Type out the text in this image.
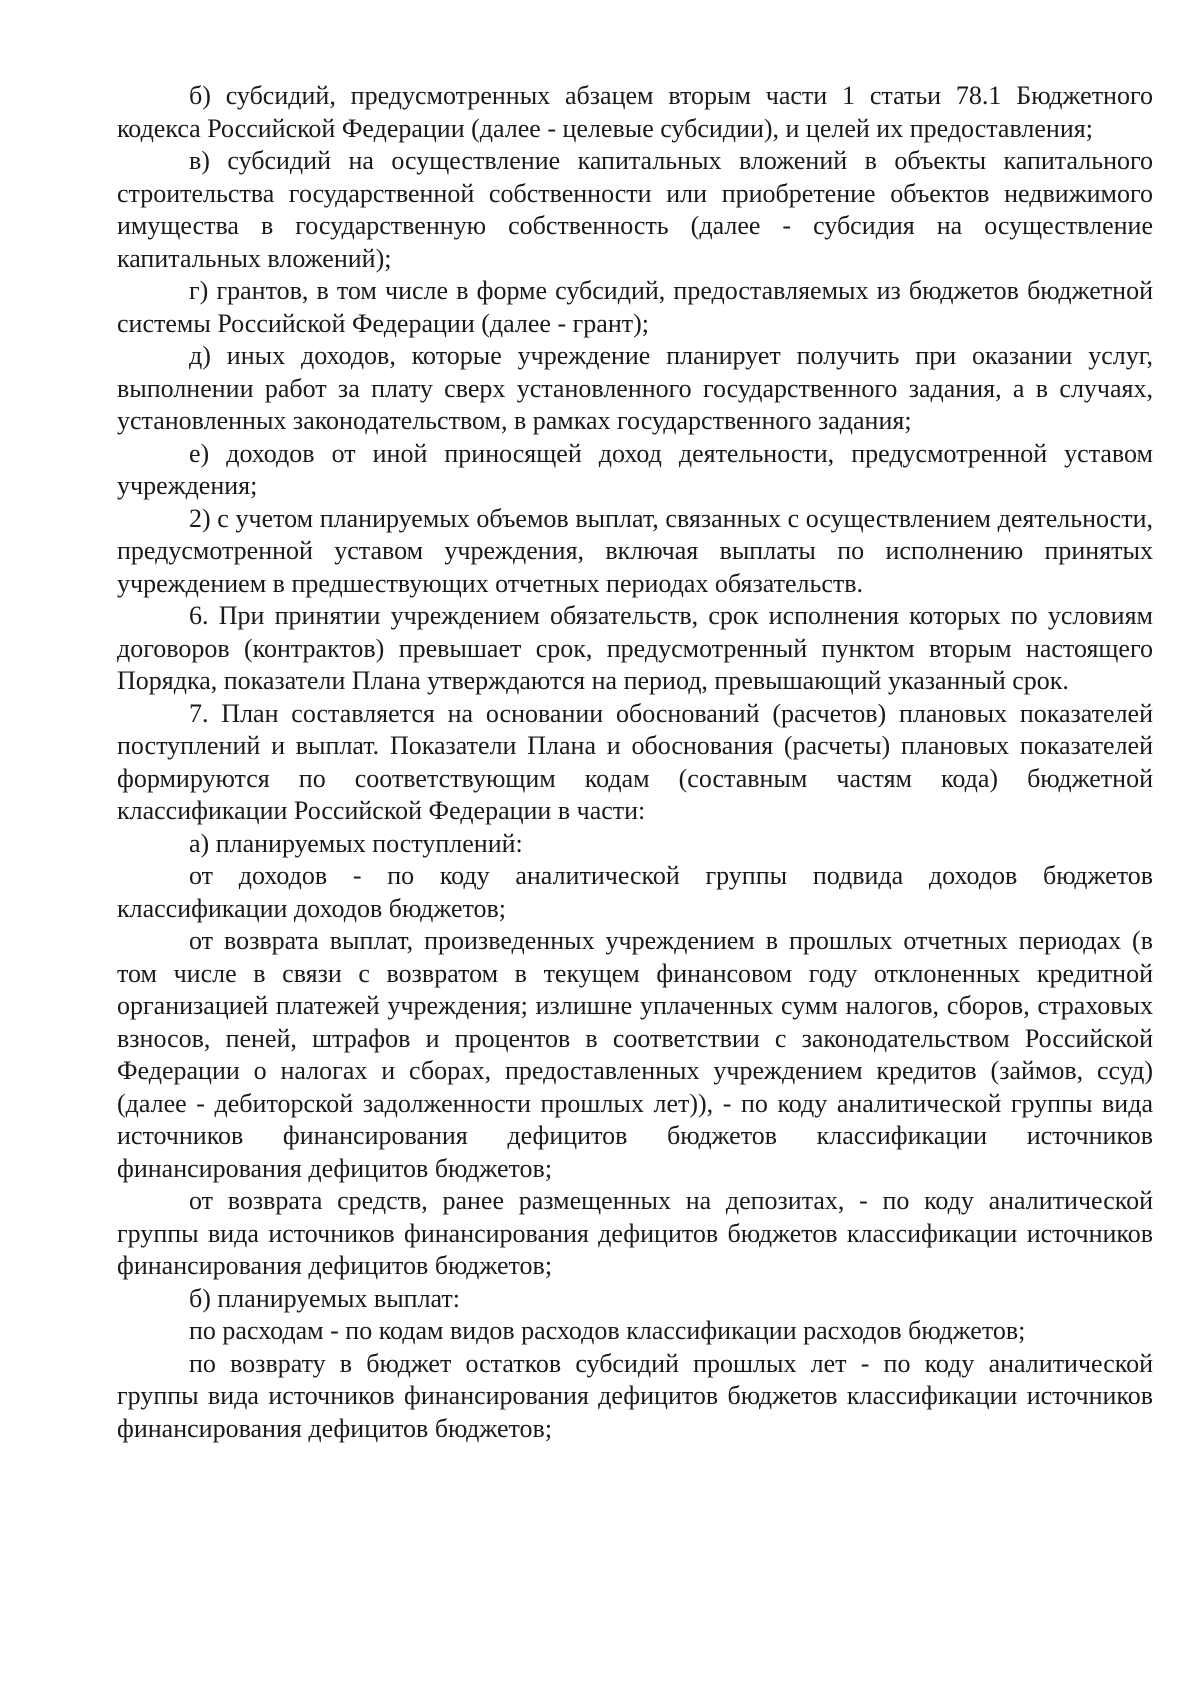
б) субсидий, предусмотренных абзацем вторым части 1 статьи 78.1 Бюджетного кодекса Российской Федерации (далее - целевые субсидии), и целей их предоставления;

в) субсидий на осуществление капитальных вложений в объекты капитального строительства государственной собственности или приобретение объектов недвижимого имущества в государственную собственность (далее - субсидия на осуществление капитальных вложений);

г) грантов, в том числе в форме субсидий, предоставляемых из бюджетов бюджетной системы Российской Федерации (далее - грант);

д) иных доходов, которые учреждение планирует получить при оказании услуг, выполнении работ за плату сверх установленного государственного задания, а в случаях, установленных законодательством, в рамках государственного задания;

е) доходов от иной приносящей доход деятельности, предусмотренной уставом учреждения;

2) с учетом планируемых объемов выплат, связанных с осуществлением деятельности, предусмотренной уставом учреждения, включая выплаты по исполнению принятых учреждением в предшествующих отчетных периодах обязательств.

6. При принятии учреждением обязательств, срок исполнения которых по условиям договоров (контрактов) превышает срок, предусмотренный пунктом вторым настоящего Порядка, показатели Плана утверждаются на период, превышающий указанный срок.

7. План составляется на основании обоснований (расчетов) плановых показателей поступлений и выплат. Показатели Плана и обоснования (расчеты) плановых показателей формируются по соответствующим кодам (составным частям кода) бюджетной классификации Российской Федерации в части:

а) планируемых поступлений:

от доходов - по коду аналитической группы подвида доходов бюджетов классификации доходов бюджетов;

от возврата выплат, произведенных учреждением в прошлых отчетных периодах (в том числе в связи с возвратом в текущем финансовом году отклоненных кредитной организацией платежей учреждения; излишне уплаченных сумм налогов, сборов, страховых взносов, пеней, штрафов и процентов в соответствии с законодательством Российской Федерации о налогах и сборах, предоставленных учреждением кредитов (займов, ссуд) (далее - дебиторской задолженности прошлых лет)), - по коду аналитической группы вида источников финансирования дефицитов бюджетов классификации источников финансирования дефицитов бюджетов;

от возврата средств, ранее размещенных на депозитах, - по коду аналитической группы вида источников финансирования дефицитов бюджетов классификации источников финансирования дефицитов бюджетов;

б) планируемых выплат:

по расходам - по кодам видов расходов классификации расходов бюджетов;

по возврату в бюджет остатков субсидий прошлых лет - по коду аналитической группы вида источников финансирования дефицитов бюджетов классификации источников финансирования дефицитов бюджетов;
